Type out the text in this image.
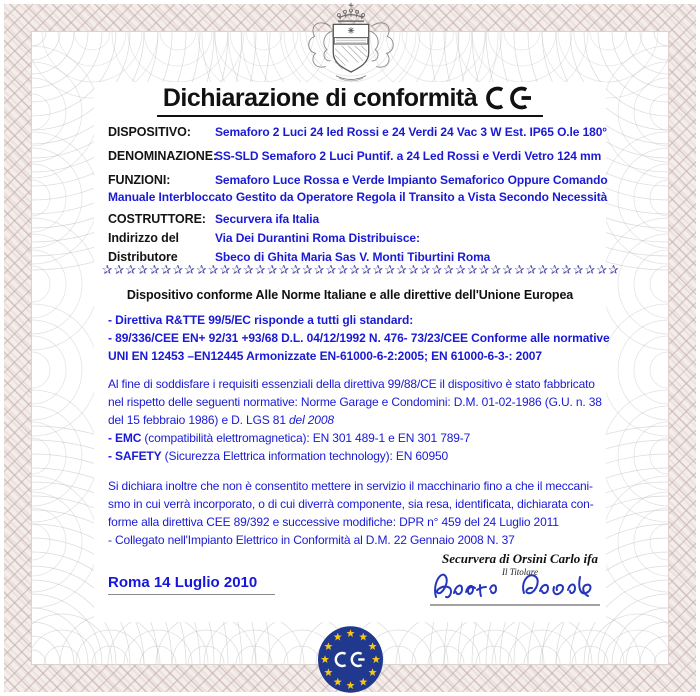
Dichiarazione di conformità
DISPOSITIVO:	Semaforo 2 Luci 24 led Rossi e 24 Verdi 24 Vac 3 W Est. IP65 O.le 180°
DENOMINAZIONE:
SS-SLD Semaforo 2 Luci Puntif. a 24 Led Rossi e Verdi Vetro 124 mm
FUNZIONI:	Semaforo Luce Rossa e Verde Impianto Semaforico Oppure Comando
Manuale Interbloccato Gestito da Operatore Regola il Transito a Vista Secondo Necessità
COSTRUTTORE: Securvera ifa Italia
Indirizzo del	Via Dei Durantini Roma Distribuisce:
Distributore	Sbeco di Ghita Maria Sas V. Monti Tiburtini Roma
✰✰✰✰✰✰✰✰✰✰✰✰✰✰✰✰✰✰✰✰✰✰✰✰✰✰✰✰✰✰✰✰✰✰✰✰✰✰✰✰✰✰✰✰
Dispositivo conforme Alle Norme Italiane e alle direttive dell'Unione Europea
- Direttiva R&TTE 99/5/EC risponde a tutti gli standard:
- 89/336/CEE EN+ 92/31 +93/68 D.L. 04/12/1992 N. 476- 73/23/CEE Conforme alle normative
UNI EN 12453 –EN12445 Armonizzate EN-61000-6-2:2005; EN 61000-6-3-: 2007
Al fine di soddisfare i requisiti essenziali della direttiva 99/88/CE il dispositivo è stato fabbricato
nel rispetto delle seguenti normative: Norme Garage e Condomini: D.M. 01-02-1986 (G.U. n. 38
del 15 febbraio 1986) e D. LGS 81 del 2008
- EMC (compatibilità elettromagnetica): EN 301 489-1 e EN 301 789-7
- SAFETY (Sicurezza Elettrica information technology): EN 60950
Si dichiara inoltre che non è consentito mettere in servizio il macchinario fino a che il meccani-
smo in cui verrà incorporato, o di cui diverrà componente, sia resa, identificata, dichiarata con-
forme alla direttiva CEE 89/392 e successive modifiche: DPR n° 459 del 24 Luglio 2011
- Collegato nell'Impianto Elettrico in Conformità al D.M. 22 Gennaio 2008 N. 37
Securvera di Orsini Carlo ifa
Il Titolare
Roma 14 Luglio 2010
